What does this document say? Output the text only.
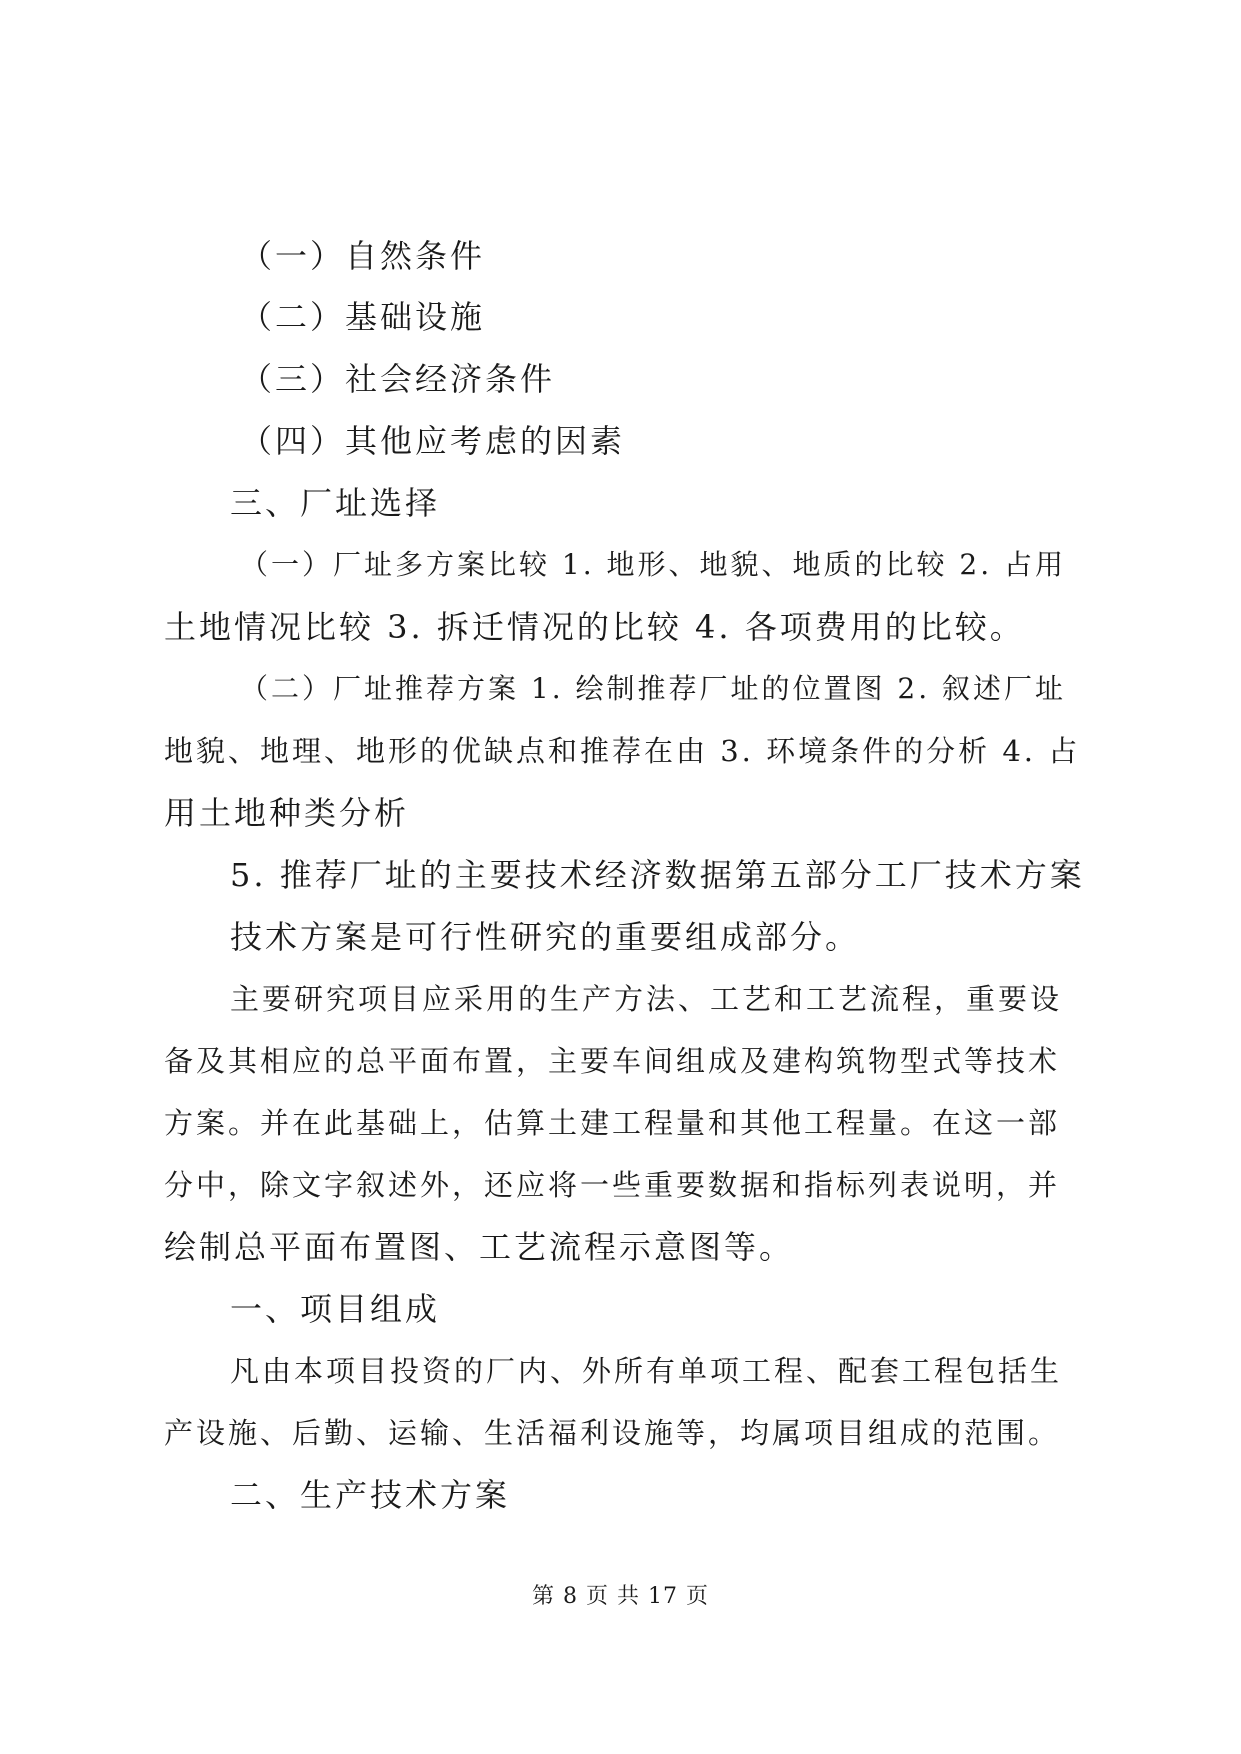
（一）自然条件
（二）基础设施
（三）社会经济条件
（四）其他应考虑的因素
三、厂址选择
（一）厂址多方案比较 1. 地形、地貌、地质的比较 2. 占用
土地情况比较 3. 拆迁情况的比较 4. 各项费用的比较。
（二）厂址推荐方案 1. 绘制推荐厂址的位置图 2. 叙述厂址
地貌、地理、地形的优缺点和推荐在由 3. 环境条件的分析 4. 占
用土地种类分析
5. 推荐厂址的主要技术经济数据第五部分工厂技术方案
技术方案是可行性研究的重要组成部分。
主要研究项目应采用的生产方法、工艺和工艺流程，重要设
备及其相应的总平面布置，主要车间组成及建构筑物型式等技术
方案。并在此基础上，估算土建工程量和其他工程量。在这一部
分中，除文字叙述外，还应将一些重要数据和指标列表说明，并
绘制总平面布置图、工艺流程示意图等。
一、项目组成
凡由本项目投资的厂内、外所有单项工程、配套工程包括生
产设施、后勤、运输、生活福利设施等，均属项目组成的范围。
二、生产技术方案
第 8 页 共 17 页
